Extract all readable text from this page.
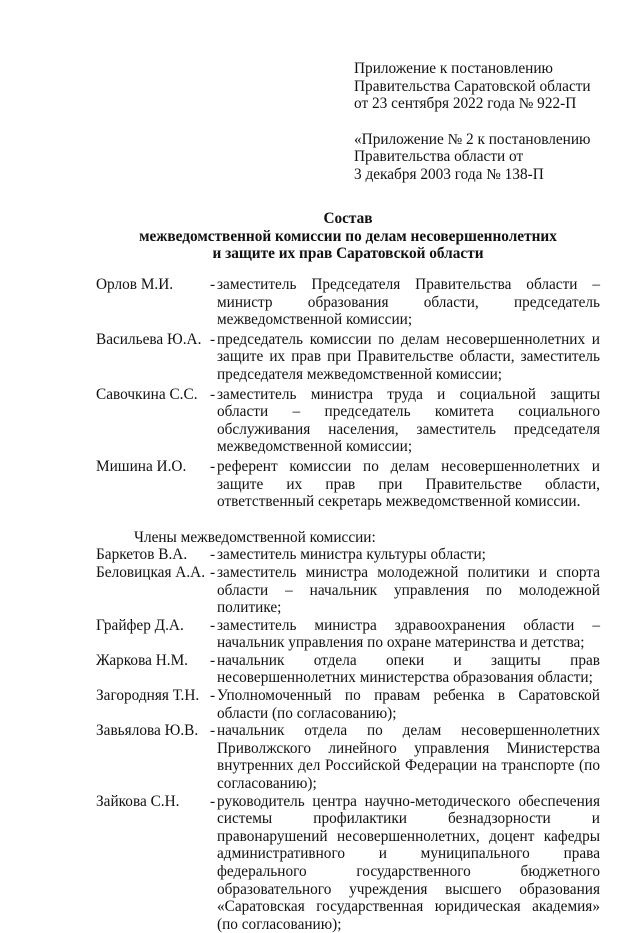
Приложение к постановлению
Правительства Саратовской области
от 23 сентября 2022 года № 922-П
«Приложение № 2 к постановлению
Правительства области от
3 декабря 2003 года № 138-П
Состав
межведомственной комиссии по делам несовершеннолетних
и защите их прав Саратовской области
Орлов М.И.	- заместитель Председателя Правительства области – министр образования области, председатель межведомственной комиссии;
Васильева Ю.А. - председатель комиссии по делам несовершеннолетних и защите их прав при Правительстве области, заместитель председателя межведомственной комиссии;
Савочкина С.С. - заместитель министра труда и социальной защиты области – председатель комитета социального обслуживания населения, заместитель председателя межведомственной комиссии;
Мишина И.О.	- референт комиссии по делам несовершеннолетних и защите их прав при Правительстве области, ответственный секретарь межведомственной комиссии.
Члены межведомственной комиссии:
Баркетов В.А.	- заместитель министра культуры области;
Беловицкая А.А. - заместитель министра молодежной политики и спорта области – начальник управления по молодежной политике;
Грайфер Д.А.	- заместитель министра здравоохранения области – начальник управления по охране материнства и детства;
Жаркова Н.М.	- начальник отдела опеки и защиты прав несовершеннолетних министерства образования области;
Загородняя Т.Н. - Уполномоченный по правам ребенка в Саратовской области (по согласованию);
Завьялова Ю.В. - начальник отдела по делам несовершеннолетних Приволжского линейного управления Министерства внутренних дел Российской Федерации на транспорте (по согласованию);
Зайкова С.Н.	- руководитель центра научно-методического обеспечения системы профилактики безнадзорности и правонарушений несовершеннолетних, доцент кафедры административного и муниципального права федерального государственного бюджетного образовательного учреждения высшего образования «Саратовская государственная юридическая академия» (по согласованию);
